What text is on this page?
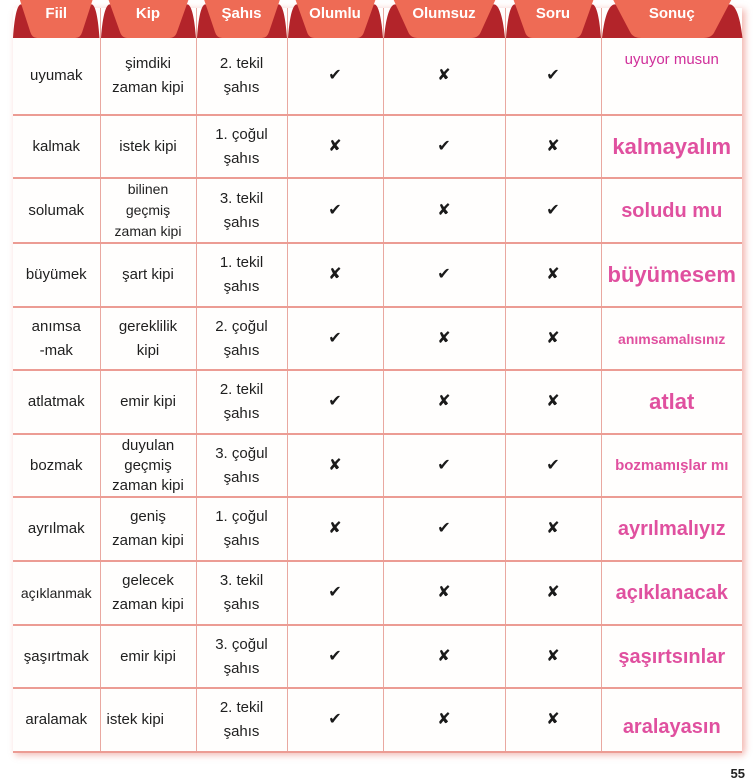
Fiil	Kip	Şahıs	Olumlu	Olumsuz	Soru	Sonuç

uyumak	şimdiki zaman kipi	2. tekil şahıs	✔	✘	✔	uyuyor musun
kalmak	istek kipi	1. çoğul şahıs	✘	✔	✘	kalmayalım
solumak	bilinen geçmiş zaman kipi	3. tekil şahıs	✔	✘	✔	soludu mu
büyümek	şart kipi	1. tekil şahıs	✘	✔	✘	büyümesem
anımsa-mak	gereklilik kipi	2. çoğul şahıs	✔	✘	✘	anımsamalısınız
atlatmak	emir kipi	2. tekil şahıs	✔	✘	✘	atlat
bozmak	duyulan geçmiş zaman kipi	3. çoğul şahıs	✘	✔	✔	bozmamışlar mı
ayrılmak	geniş zaman kipi	1. çoğul şahıs	✘	✔	✘	ayrılmalıyız
açıklanmak	gelecek zaman kipi	3. tekil şahıs	✔	✘	✘	açıklanacak
şaşırtmak	emir kipi	3. çoğul şahıs	✔	✘	✘	şaşırtsınlar
aralamak	istek kipi	2. tekil şahıs	✔	✘	✘	aralayasın
55
